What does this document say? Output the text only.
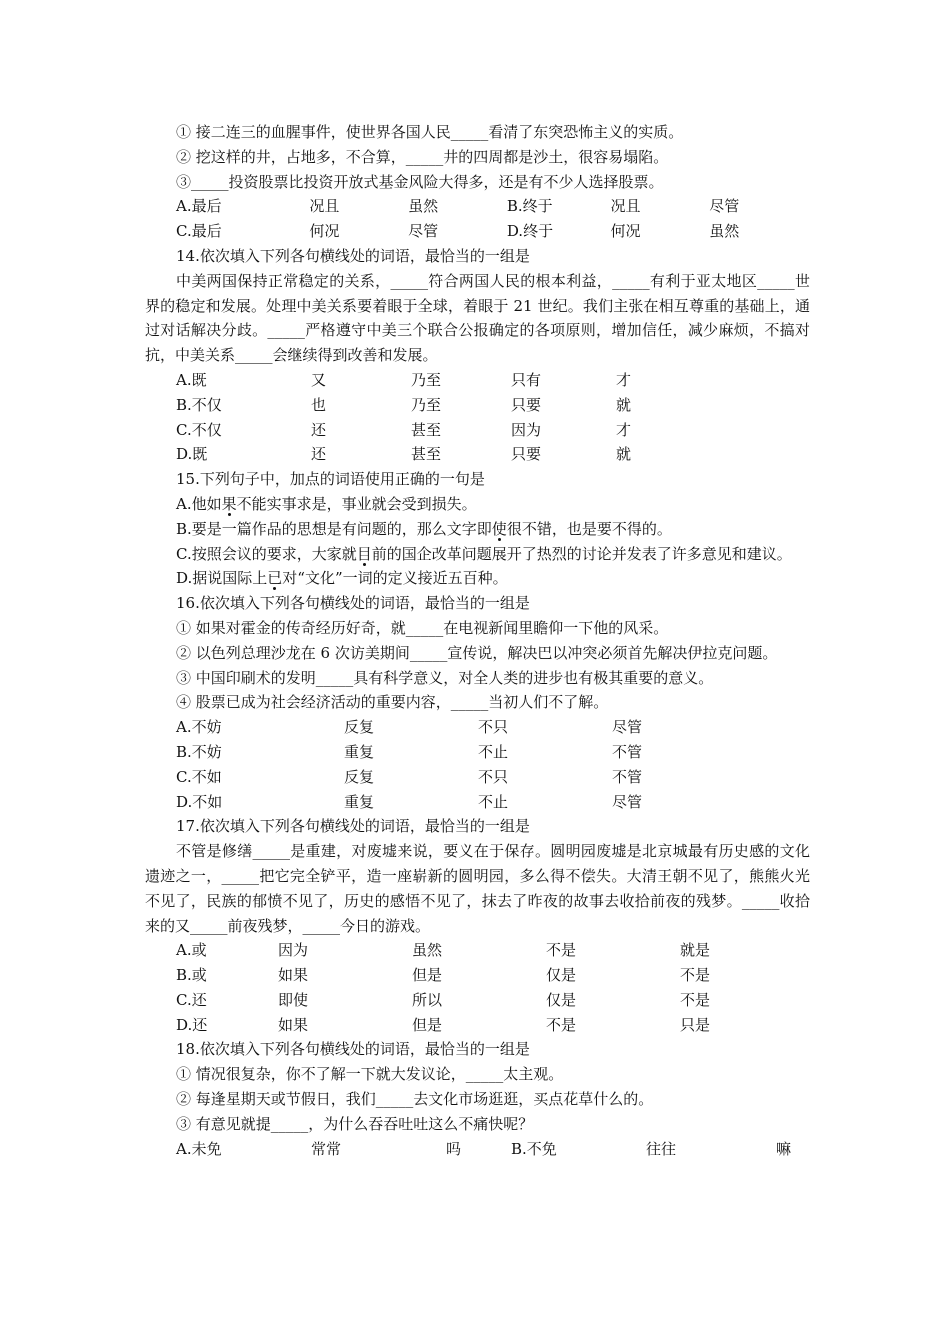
① 接二连三的血腥事件，使世界各国人民_____看清了东突恐怖主义的实质。
② 挖这样的井，占地多，不合算，_____井的四周都是沙土，很容易塌陷。
③_____投资股票比投资开放式基金风险大得多，还是有不少人选择股票。
A.最后	况且	虽然	B.终于	况且	尽管
C.最后	何况	尽管	D.终于	何况	虽然
14.依次填入下列各句横线处的词语，最恰当的一组是
中美两国保持正常稳定的关系，_____符合两国人民的根本利益，_____有利于亚太地区_____世界的稳定和发展。处理中美关系要着眼于全球，着眼于 21 世纪。我们主张在相互尊重的基础上，通过对话解决分歧。_____严格遵守中美三个联合公报确定的各项原则，增加信任，减少麻烦，不搞对抗，中美关系_____会继续得到改善和发展。
A.既	又	乃至	只有	才
B.不仅	也	乃至	只要	就
C.不仅	还	甚至	因为	才
D.既	还	甚至	只要	就
15.下列句子中，加点的词语使用正确的一句是
A.他如果不能实事求是，事业就会受到损失。
B.要是一篇作品的思想是有问题的，那么文字即使很不错，也是要不得的。
C.按照会议的要求，大家就目前的国企改革问题展开了热烈的讨论并发表了许多意见和建议。
D.据说国际上已对“文化”一词的定义接近五百种。
16.依次填入下列各句横线处的词语，最恰当的一组是
① 如果对霍金的传奇经历好奇，就_____在电视新闻里瞻仰一下他的风采。
② 以色列总理沙龙在 6 次访美期间_____宣传说，解决巴以冲突必须首先解决伊拉克问题。
③ 中国印刷术的发明_____具有科学意义，对全人类的进步也有极其重要的意义。
④ 股票已成为社会经济活动的重要内容，_____当初人们不了解。
A.不妨	反复	不只	尽管
B.不妨	重复	不止	不管
C.不如	反复	不只	不管
D.不如	重复	不止	尽管
17.依次填入下列各句横线处的词语，最恰当的一组是
不管是修缮_____是重建，对废墟来说，要义在于保存。圆明园废墟是北京城最有历史感的文化遗迹之一，_____把它完全铲平，造一座崭新的圆明园，多么得不偿失。大清王朝不见了，熊熊火光不见了，民族的郁愤不见了，历史的感悟不见了，抹去了昨夜的故事去收拾前夜的残梦。_____收拾来的又_____前夜残梦，_____今日的游戏。
A.或	因为	虽然	不是	就是
B.或	如果	但是	仅是	不是
C.还	即使	所以	仅是	不是
D.还	如果	但是	不是	只是
18.依次填入下列各句横线处的词语，最恰当的一组是
① 情况很复杂，你不了解一下就大发议论，_____太主观。
② 每逢星期天或节假日，我们_____去文化市场逛逛，买点花草什么的。
③ 有意见就提_____，为什么吞吞吐吐这么不痛快呢？
A.未免	常常	吗	B.不免	往往	嘛
